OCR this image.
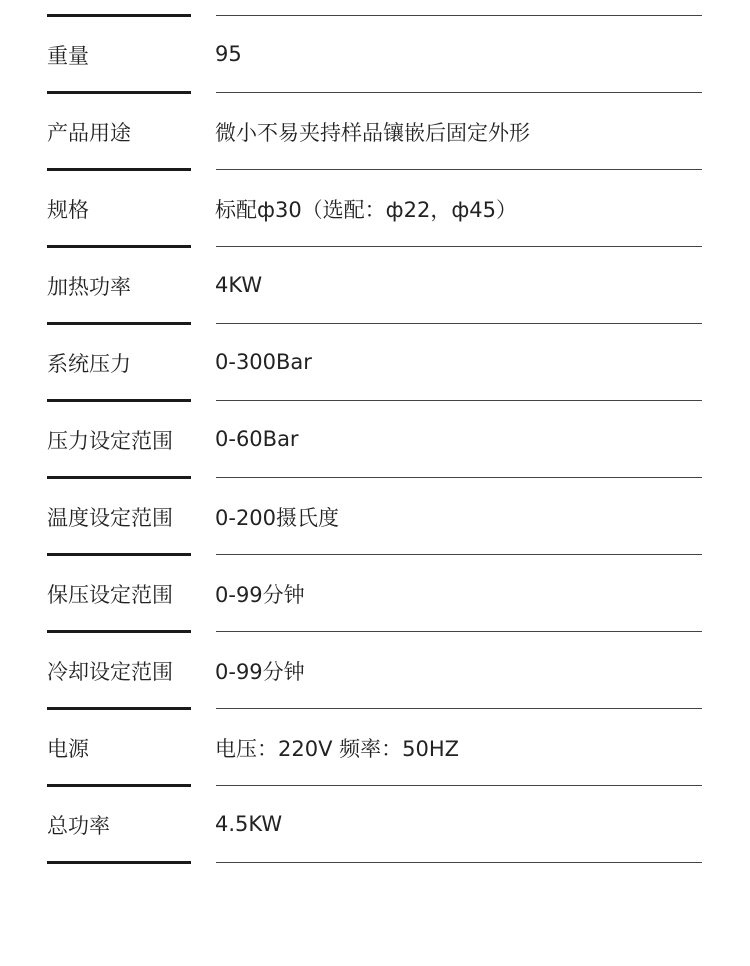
重量	95
产品用途	微小不易夹持样品镶嵌后固定外形
规格	标配ф30（选配：ф22，ф45）
加热功率	4KW
系统压力	0-300Bar
压力设定范围	0-60Bar
温度设定范围	0-200摄氏度
保压设定范围	0-99分钟
冷却设定范围	0-99分钟
电源	电压：220V 频率：50HZ
总功率	4.5KW
